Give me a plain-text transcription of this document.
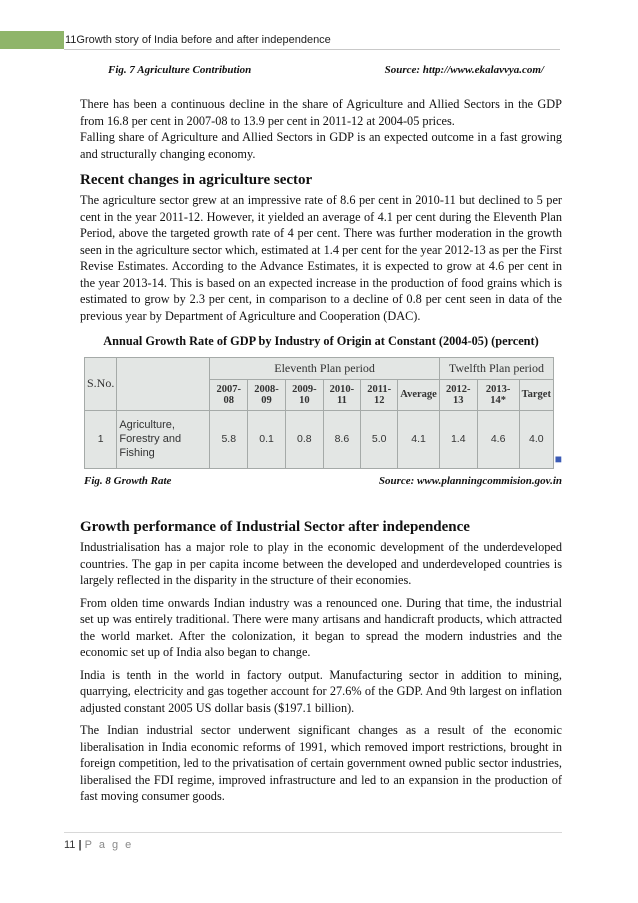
11Growth story of India before and after independence
Fig. 7 Agriculture Contribution	Source: http://www.ekalavvya.com/

There has been a continuous decline in the share of Agriculture and Allied Sectors in the GDP from 16.8 per cent in 2007-08 to 13.9 per cent in 2011-12 at 2004-05 prices.

Falling share of Agriculture and Allied Sectors in GDP is an expected outcome in a fast growing and structurally changing economy.

Recent changes in agriculture sector

The agriculture sector grew at an impressive rate of 8.6 per cent in 2010-11 but declined to 5 per cent in the year 2011-12. However, it yielded an average of 4.1 per cent during the Eleventh Plan Period, above the targeted growth rate of 4 per cent. There was further moderation in the growth seen in the agriculture sector which, estimated at 1.4 per cent for the year 2012-13 as per the First Revise Estimates. According to the Advance Estimates, it is expected to grow at 4.6 per cent in the year 2013-14. This is based on an expected increase in the production of food grains which is estimated to grow by 2.3 per cent, in comparison to a decline of 0.8 per cent seen in data of the previous year by Department of Agriculture and Cooperation (DAC).

Annual Growth Rate of GDP by Industry of Origin at Constant (2004-05) (percent)
S.No.		Eleventh Plan period						Twelfth Plan period		
		2007-08	2008-09	2009-10	2010-11	2011-12	Average	2012-13	2013-14*	Target
1	Agriculture, Forestry and Fishing	5.8	0.1	0.8	8.6	5.0	4.1	1.4	4.6	4.0
■
Fig. 8 Growth Rate	Source: www.planningcommision.gov.in
Growth performance of Industrial Sector after independence

Industrialisation has a major role to play in the economic development of the underdeveloped countries. The gap in per capita income between the developed and underdeveloped countries is largely reflected in the disparity in the structure of their economies.

From olden time onwards Indian industry was a renounced one. During that time, the industrial set up was entirely traditional. There were many artisans and handicraft products, which attracted the world market. After the colonization, it began to spread the modern industries and the economic set up of India also began to change.

India is tenth in the world in factory output. Manufacturing sector in addition to mining, quarrying, electricity and gas together account for 27.6% of the GDP. And 9th largest on inflation adjusted constant 2005 US dollar basis ($197.1 billion).

The Indian industrial sector underwent significant changes as a result of the economic liberalisation in India economic reforms of 1991, which removed import restrictions, brought in foreign competition, led to the privatisation of certain government owned public sector industries, liberalised the FDI regime, improved infrastructure and led to an expansion in the production of fast moving consumer goods.

11 | P a g e
